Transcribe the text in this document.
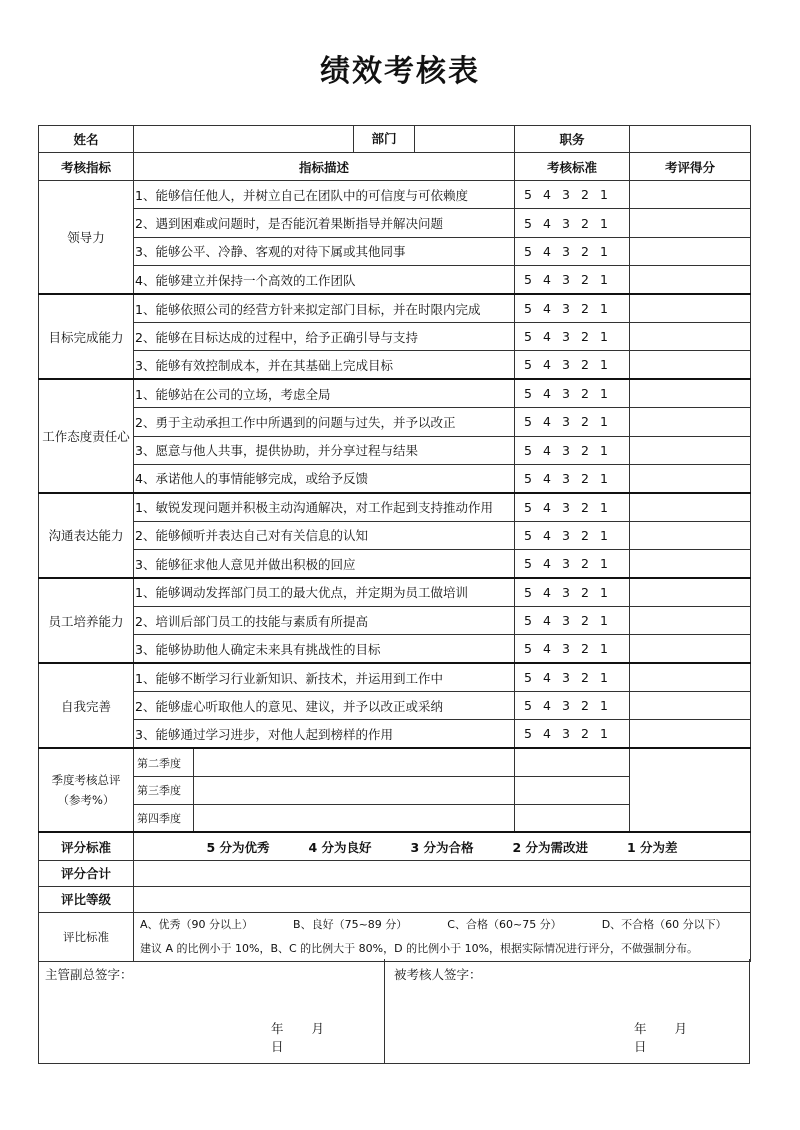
绩效考核表
姓名			部门	职务	
考核指标	指标描述			考核标准	考评得分
领导力	1、能够信任他人，并树立自己在团队中的可信度与可依赖度			5 4 3 2 1	
	2、遇到困难或问题时，是否能沉着果断指导并解决问题			5 4 3 2 1	
	3、能够公平、冷静、客观的对待下属或其他同事			5 4 3 2 1	
	4、能够建立并保持一个高效的工作团队			5 4 3 2 1	
目标完成能力	1、能够依照公司的经营方针来拟定部门目标，并在时限内完成			5 4 3 2 1	
	2、能够在目标达成的过程中，给予正确引导与支持			5 4 3 2 1	
	3、能够有效控制成本，并在其基础上完成目标			5 4 3 2 1	
工作态度责任心	1、能够站在公司的立场，考虑全局			5 4 3 2 1	
	2、勇于主动承担工作中所遇到的问题与过失，并予以改正			5 4 3 2 1	
	3、愿意与他人共事，提供协助，并分享过程与结果			5 4 3 2 1	
	4、承诺他人的事情能够完成，或给予反馈			5 4 3 2 1	
沟通表达能力	1、敏锐发现问题并积极主动沟通解决，对工作起到支持推动作用			5 4 3 2 1	
	2、能够倾听并表达自己对有关信息的认知			5 4 3 2 1	
	3、能够征求他人意见并做出积极的回应			5 4 3 2 1	
员工培养能力	1、能够调动发挥部门员工的最大优点，并定期为员工做培训			5 4 3 2 1	
	2、培训后部门员工的技能与素质有所提高			5 4 3 2 1	
	3、能够协助他人确定未来具有挑战性的目标			5 4 3 2 1	
自我完善	1、能够不断学习行业新知识、新技术，并运用到工作中			5 4 3 2 1	
	2、能够虚心听取他人的意见、建议，并予以改正或采纳			5 4 3 2 1	
	3、能够通过学习进步，对他人起到榜样的作用			5 4 3 2 1	

季度考核总评
（参考%）	第二季度				
	第三季度				
	第四季度				
评分标准	5 分为优秀 4 分为良好 3 分为合格 2 分为需改进 1 分为差				

评分合计					
评比等级					
评比标准	A、优秀（90 分以上） B、良好（75~89 分） C、合格（60~75 分） D、不合格（60 分以下）
建议 A 的比例小于 10%，B、C 的比例大于 80%，D 的比例小于 10%，根据实际情况进行评分，不做强制分布。				
主管副总签字：
年 月日
被考核人签字：
年 月日
